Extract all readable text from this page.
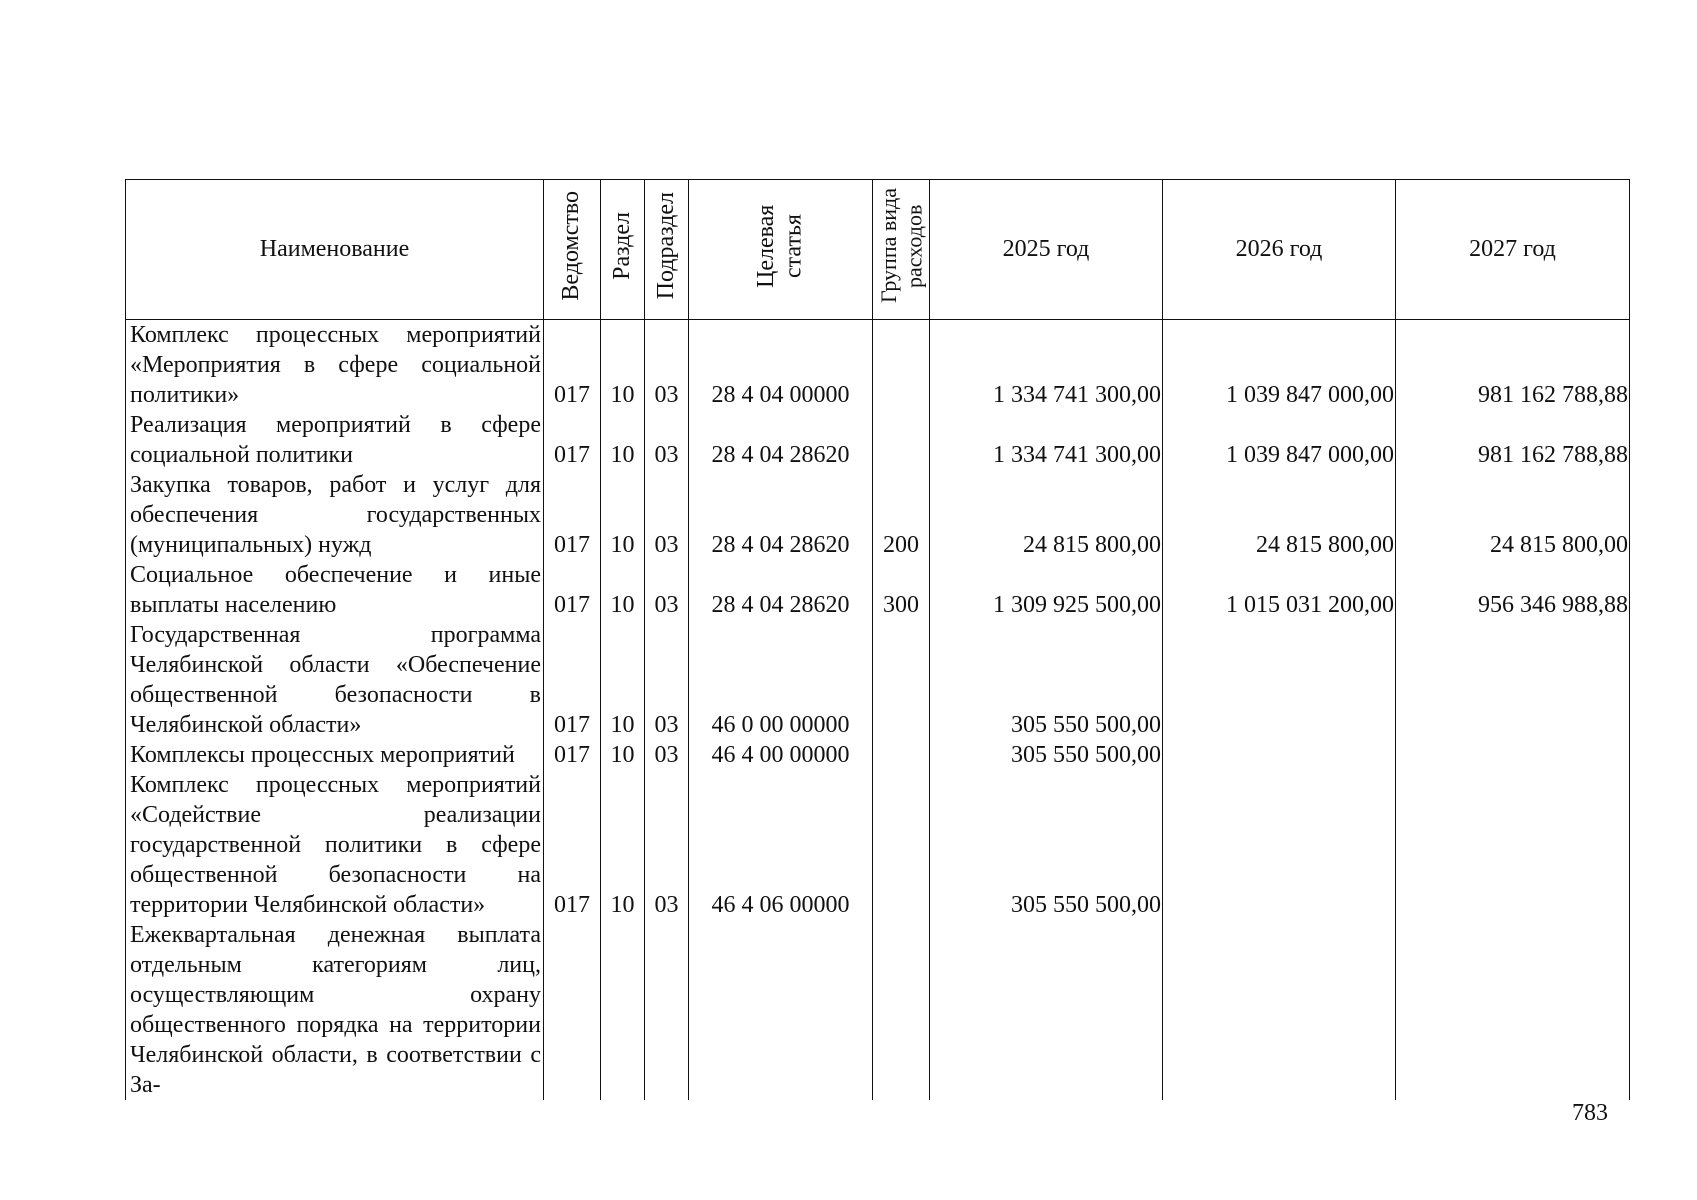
Наименование	Ведомство	Раздел	Подраздел	Целевая статья	Группа вида расходов	2025 год	2026 год	2027 год
Комплекс процессных мероприятий «Мероприятия в сфере социальной политики»	017	10	03	28 4 04 00000		1 334 741 300,00	1 039 847 000,00	981 162 788,88
Реализация мероприятий в сфере социальной политики	017	10	03	28 4 04 28620		1 334 741 300,00	1 039 847 000,00	981 162 788,88
Закупка товаров, работ и услуг для обеспечения государственных (муниципальных) нужд	017	10	03	28 4 04 28620	200	24 815 800,00	24 815 800,00	24 815 800,00
Социальное обеспечение и иные выплаты населению	017	10	03	28 4 04 28620	300	1 309 925 500,00	1 015 031 200,00	956 346 988,88
Государственная программа Челябинской области «Обеспечение общественной безопасности в Челябинской области»	017	10	03	46 0 00 00000		305 550 500,00		
Комплексы процессных мероприятий	017	10	03	46 4 00 00000		305 550 500,00		
Комплекс процессных мероприятий «Содействие реализации государственной политики в сфере общественной безопасности на территории Челябинской области»	017	10	03	46 4 06 00000		305 550 500,00		
Ежеквартальная денежная выплата отдельным категориям лиц, осуществляющим охрану общественного порядка на территории Челябинской области, в соответствии с За-								
783
